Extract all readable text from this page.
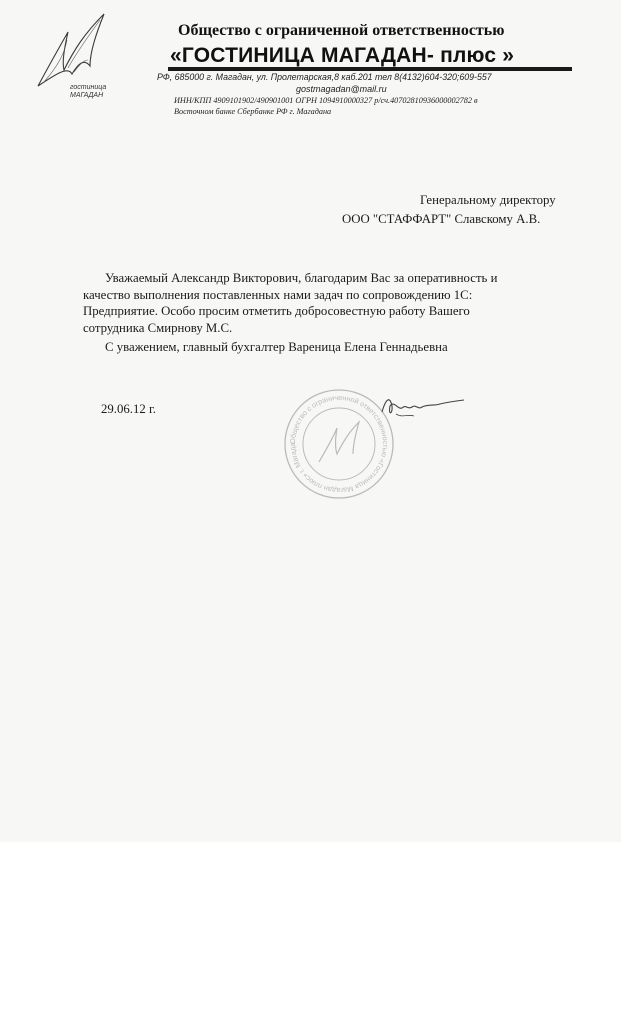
гостиница
МАГАДАН
Общество с ограниченной ответственностью
«ГОСТИНИЦА МАГАДАН- плюс »
РФ, 685000 г. Магадан, ул. Пролетарская,8 каб.201 тел 8(4132)604-320;609-557
gostmagadan@mail.ru
ИНН/КПП 4909101902/490901001 ОГРН 1094910000327 р/сч.40702810936000002782 в
Восточном банке Сбербанке РФ г. Магадана
Генеральному директору
ООО "СТАФФАРТ" Славскому А.В.
Уважаемый Александр Викторович, благодарим Вас за оперативность и
качество выполнения поставленных нами задач по сопровождению 1С:
Предприятие. Особо просим отметить добросовестную работу Вашего
сотрудника Смирнову М.С.
С уважением, главный бухгалтер Вареница Елена Геннадьевна
29.06.12 г.
Общество с ограниченной ответственностью «Гостиница Магадан плюс» г. Магада
